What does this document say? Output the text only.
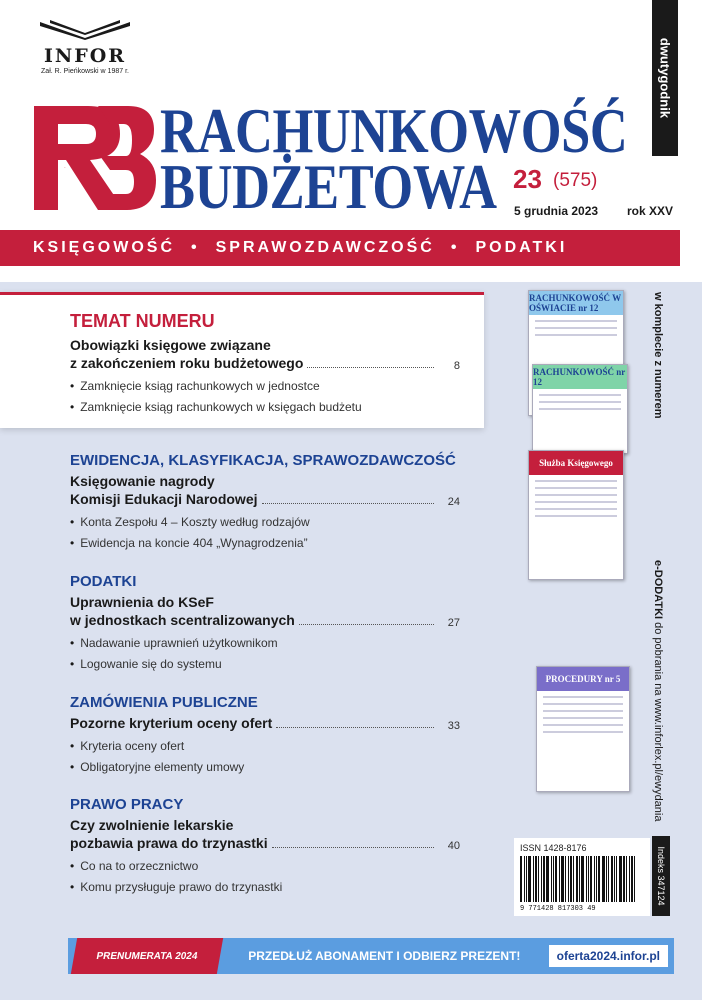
INFOR
Zał. R. Pieńkowski w 1987 r.
RB
RACHUNKOWOŚĆ
BUDŻETOWA
dwutygodnik
23 (575)
5 grudnia 2023 rok XXV
KSIĘGOWOŚĆ • SPRAWOZDAWCZOŚĆ • PODATKI
TEMAT NUMERU
Obowiązki księgowe związane
z zakończeniem roku budżetowego	8
• Zamknięcie ksiąg rachunkowych w jednostce
• Zamknięcie ksiąg rachunkowych w księgach budżetu
EWIDENCJA, KLASYFIKACJA, SPRAWOZDAWCZOŚĆ
Księgowanie nagrody
Komisji Edukacji Narodowej	24
• Konta Zespołu 4 – Koszty według rodzajów
• Ewidencja na koncie 404 „Wynagrodzenia”
PODATKI
Uprawnienia do KSeF
w jednostkach scentralizowanych	27
• Nadawanie uprawnień użytkownikom
• Logowanie się do systemu
ZAMÓWIENIA PUBLICZNE
Pozorne kryterium oceny ofert	33
• Kryteria oceny ofert
• Obligatoryjne elementy umowy
PRAWO PRACY
Czy zwolnienie lekarskie
pozbawia prawa do trzynastki	40
• Co na to orzecznictwo
• Komu przysługuje prawo do trzynastki
RACHUNKOWOŚĆ W OŚWIACIE nr 12
RACHUNKOWOŚĆ nr 12
Służba Księgowego
PROCEDURY nr 5
w komplecie z numerem
e-DODATKI do pobrania na www.inforlex.pl/ewydania
ISSN 1428-8176
9 771428 817303 49
Indeks 347124
PRENUMERATA 2024	PRZEDŁUŻ ABONAMENT I ODBIERZ PREZENT!	oferta2024.infor.pl
